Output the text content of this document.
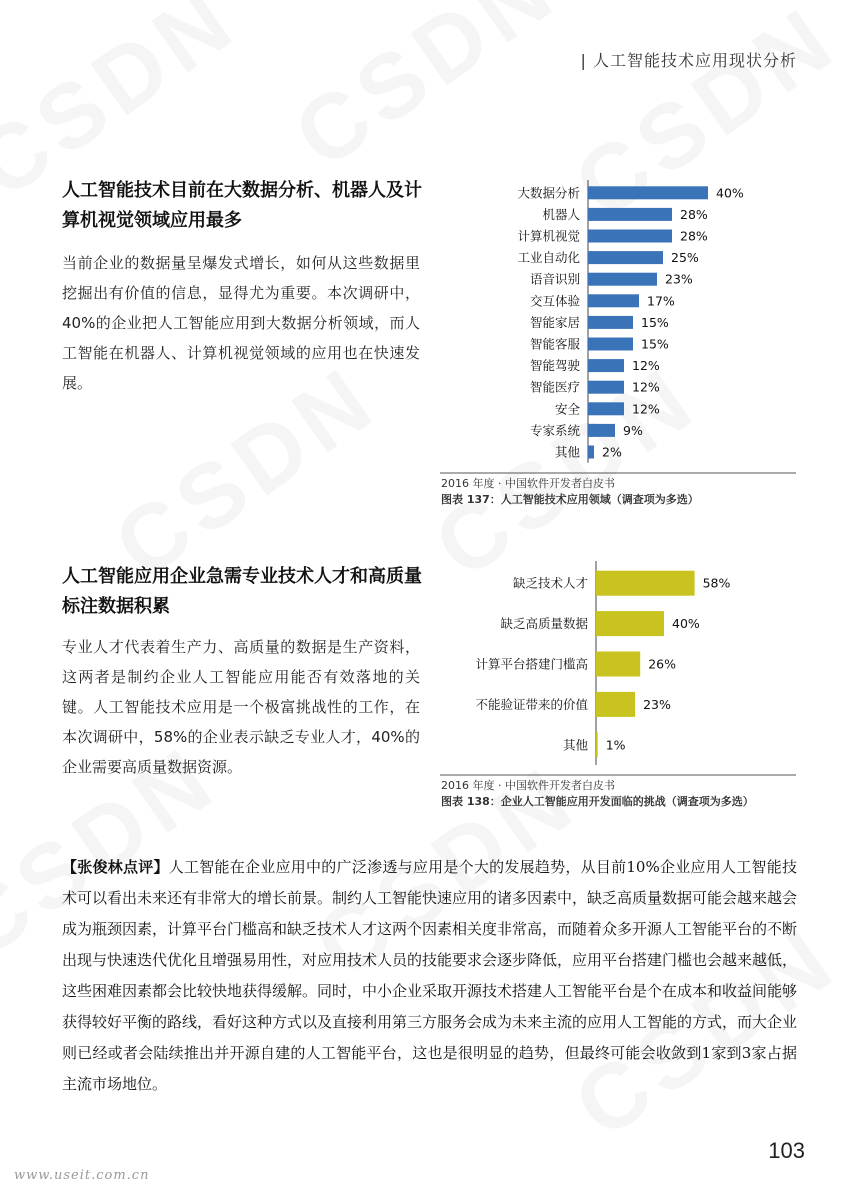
| 人工智能技术应用现状分析
人工智能技术目前在大数据分析、机器人及计算机视觉领域应用最多
当前企业的数据量呈爆发式增长，如何从这些数据里挖掘出有价值的信息，显得尤为重要。本次调研中，40%的企业把人工智能应用到大数据分析领域，而人工智能在机器人、计算机视觉领域的应用也在快速发展。
大数据分析	40%
机器人	28%
计算机视觉	28%
工业自动化	25%
语音识别	23%
交互体验	17%
智能家居	15%
智能客服	15%
智能驾驶	12%
智能医疗	12%
安全	12%
专家系统	9%
其他 2%
2016 年度 · 中国软件开发者白皮书
图表 137：人工智能技术应用领域（调查项为多选）
人工智能应用企业急需专业技术人才和高质量标注数据积累
专业人才代表着生产力、高质量的数据是生产资料，这两者是制约企业人工智能应用能否有效落地的关键。人工智能技术应用是一个极富挑战性的工作，在本次调研中，58%的企业表示缺乏专业人才，40%的企业需要高质量数据资源。
缺乏技术人才	58%
缺乏高质量数据	40%
计算平台搭建门槛高	26%
不能验证带来的价值	23%
其他 1%
2016 年度 · 中国软件开发者白皮书
图表 138：企业人工智能应用开发面临的挑战（调查项为多选）
【张俊林点评】人工智能在企业应用中的广泛渗透与应用是个大的发展趋势，从目前10%企业应用人工智能技术可以看出未来还有非常大的增长前景。制约人工智能快速应用的诸多因素中，缺乏高质量数据可能会越来越会成为瓶颈因素，计算平台门槛高和缺乏技术人才这两个因素相关度非常高，而随着众多开源人工智能平台的不断出现与快速迭代优化且增强易用性，对应用技术人员的技能要求会逐步降低，应用平台搭建门槛也会越来越低，这些困难因素都会比较快地获得缓解。同时，中小企业采取开源技术搭建人工智能平台是个在成本和收益间能够获得较好平衡的路线，看好这种方式以及直接利用第三方服务会成为未来主流的应用人工智能的方式，而大企业则已经或者会陆续推出并开源自建的人工智能平台，这也是很明显的趋势，但最终可能会收敛到1家到3家占据主流市场地位。
103
www.useit.com.cn
